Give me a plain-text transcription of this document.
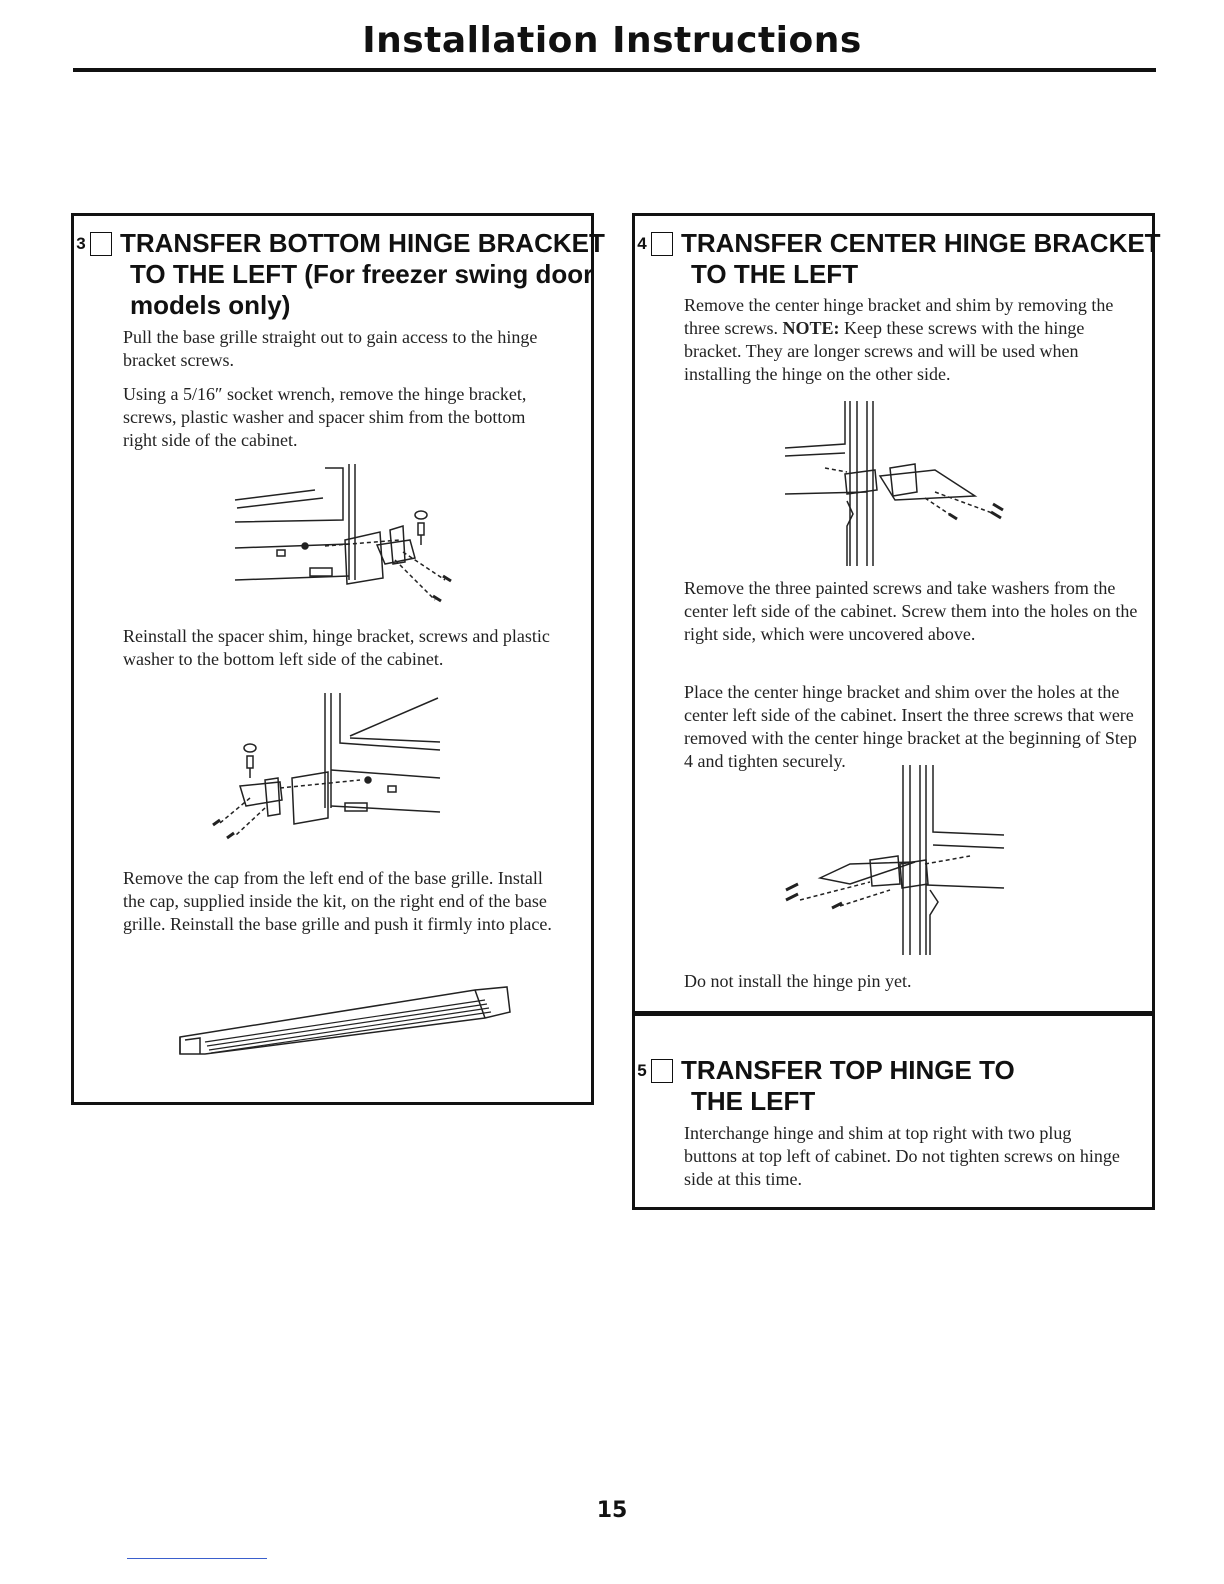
Installation Instructions
3 TRANSFER BOTTOM HINGE BRACKET TO THE LEFT (For freezer swing door models only)
Pull the base grille straight out to gain access to the hinge bracket screws.
Using a 5/16″ socket wrench, remove the hinge bracket, screws, plastic washer and spacer shim from the bottom right side of the cabinet.
Reinstall the spacer shim, hinge bracket, screws and plastic washer to the bottom left side of the cabinet.
Remove the cap from the left end of the base grille. Install the cap, supplied inside the kit, on the right end of the base grille. Reinstall the base grille and push it firmly into place.
4 TRANSFER CENTER HINGE BRACKET TO THE LEFT
Remove the center hinge bracket and shim by removing the three screws. NOTE: Keep these screws with the hinge bracket. They are longer screws and will be used when installing the hinge on the other side.
Remove the three painted screws and take washers from the center left side of the cabinet. Screw them into the holes on the right side, which were uncovered above.
Place the center hinge bracket and shim over the holes at the center left side of the cabinet. Insert the three screws that were removed with the center hinge bracket at the beginning of Step 4 and tighten securely.
Do not install the hinge pin yet.
5 TRANSFER TOP HINGE TO THE LEFT
Interchange hinge and shim at top right with two plug buttons at top left of cabinet. Do not tighten screws on hinge side at this time.
15
